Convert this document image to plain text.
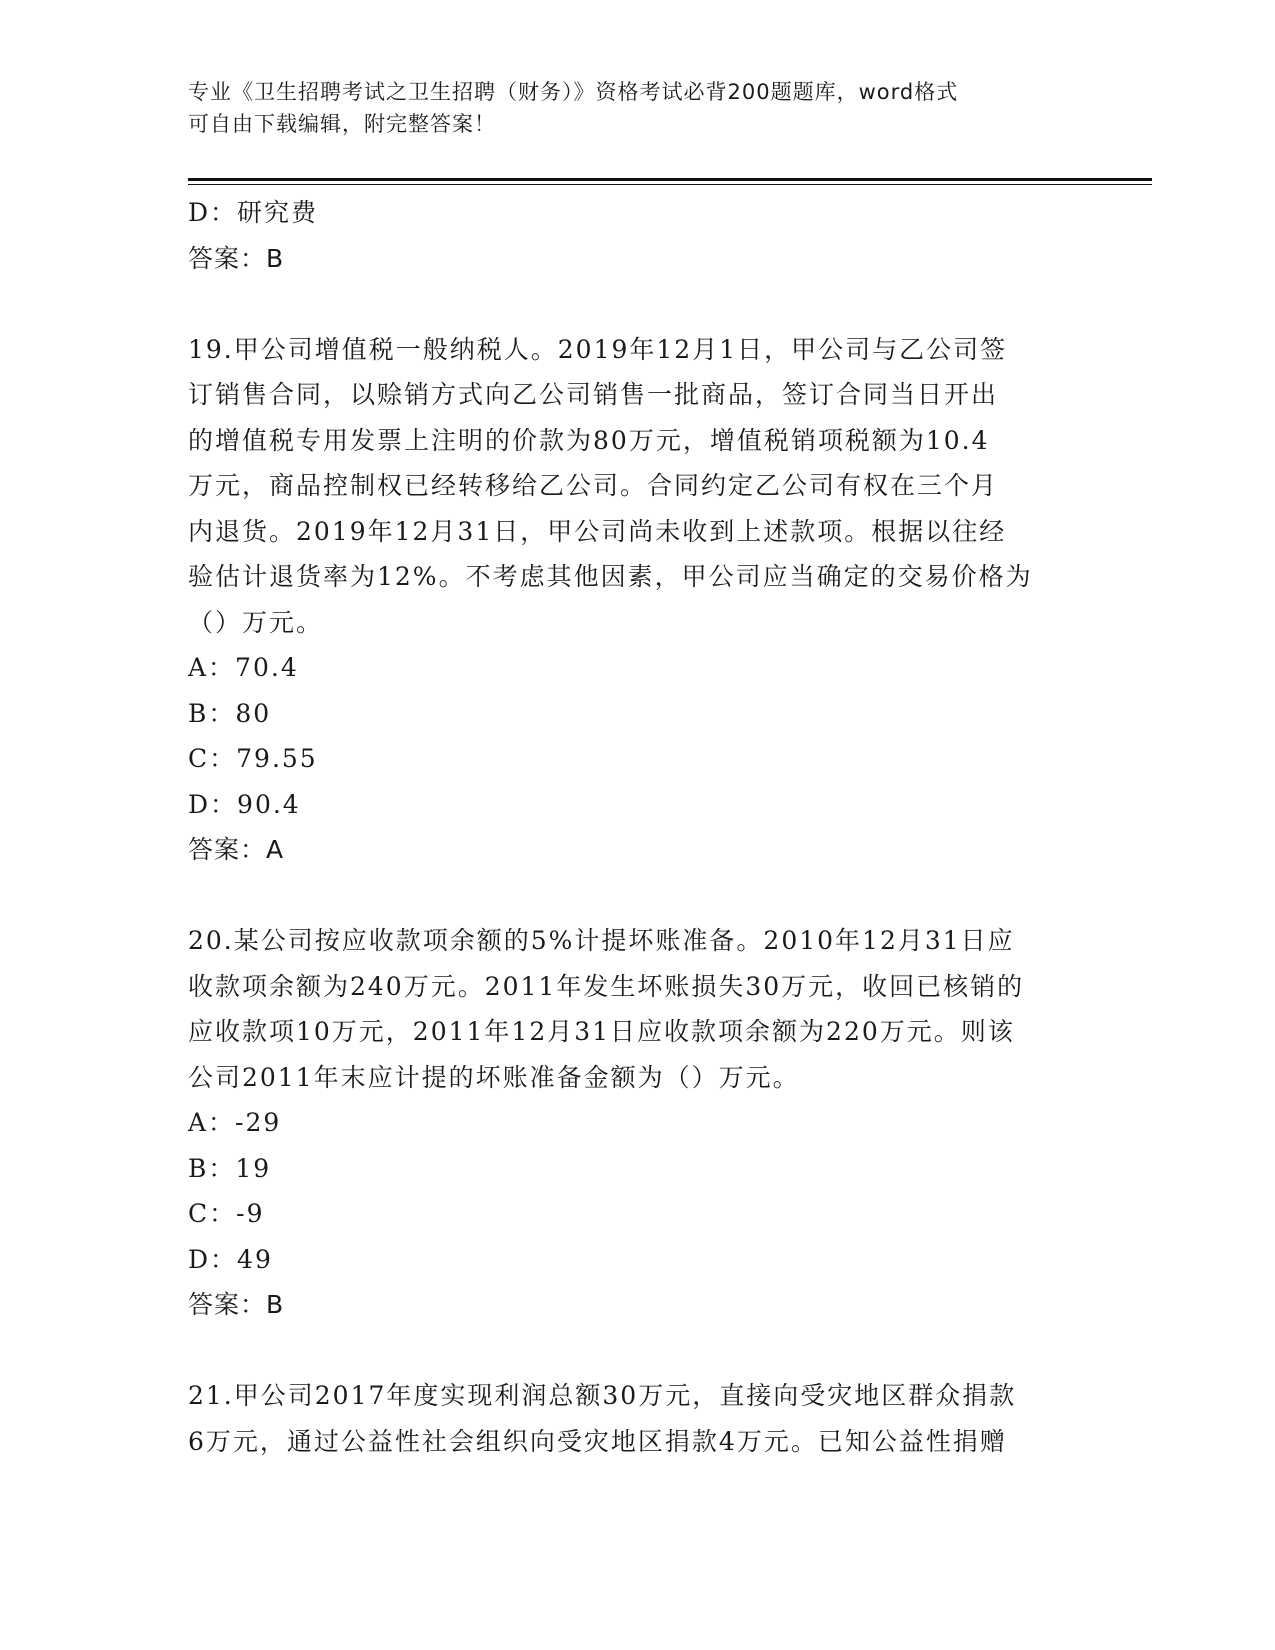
专业《卫生招聘考试之卫生招聘（财务）》资格考试必背200题题库，word格式
可自由下载编辑，附完整答案！
D：研究费
答案：B
19.甲公司增值税一般纳税人。2019年12月1日，甲公司与乙公司签
订销售合同，以赊销方式向乙公司销售一批商品，签订合同当日开出
的增值税专用发票上注明的价款为80万元，增值税销项税额为10.4
万元，商品控制权已经转移给乙公司。合同约定乙公司有权在三个月
内退货。2019年12月31日，甲公司尚未收到上述款项。根据以往经
验估计退货率为12%。不考虑其他因素，甲公司应当确定的交易价格为
（）万元。
A：70.4
B：80
C：79.55
D：90.4
答案：A
20.某公司按应收款项余额的5%计提坏账准备。2010年12月31日应
收款项余额为240万元。2011年发生坏账损失30万元，收回已核销的
应收款项10万元，2011年12月31日应收款项余额为220万元。则该
公司2011年末应计提的坏账准备金额为（）万元。
A：-29
B：19
C：-9
D：49
答案：B
21.甲公司2017年度实现利润总额30万元，直接向受灾地区群众捐款
6万元，通过公益性社会组织向受灾地区捐款4万元。已知公益性捐赠
